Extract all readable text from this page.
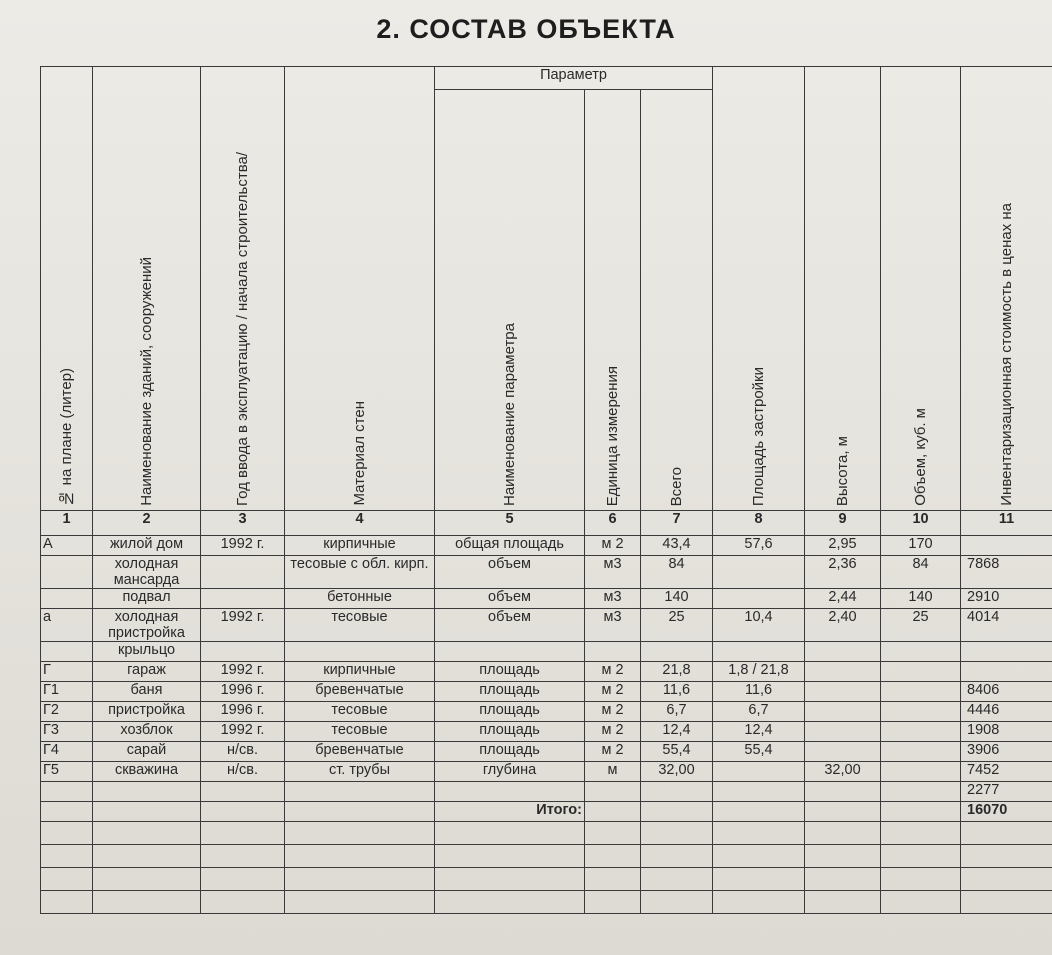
2. СОСТАВ ОБЪЕКТА
№ на плане (литер)	Наименование зданий, сооружений	Год ввода в эксплуатацию / начала строительства/	Материал стен	Параметр			Площадь застройки	Высота, м	Объем, куб. м	Инвентаризационная стоимость в ценах на
				Наименование параметра	Единица измерения	Всего				
1	2	3	4	5	6	7	8	9	10	11
А	жилой дом	1992 г.	кирпичные	общая площадь	м 2	43,4	57,6	2,95	170	
	холодная мансарда		тесовые с обл. кирп.	объем	м3	84		2,36	84	7868
	подвал		бетонные	объем	м3	140		2,44	140	2910
а	холодная пристройка	1992 г.	тесовые	объем	м3	25	10,4	2,40	25	4014
	крыльцо									
Г	гараж	1992 г.	кирпичные	площадь	м 2	21,8	1,8 / 21,8			
Г1	баня	1996 г.	бревенчатые	площадь	м 2	11,6	11,6			8406
Г2	пристройка	1996 г.	тесовые	площадь	м 2	6,7	6,7			4446
Г3	хозблок	1992 г.	тесовые	площадь	м 2	12,4	12,4			1908
Г4	сарай	н/св.	бревенчатые	площадь	м 2	55,4	55,4			3906
Г5	скважина	н/св.	ст. трубы	глубина	м	32,00		32,00		7452
										2277
				Итого:						16070
